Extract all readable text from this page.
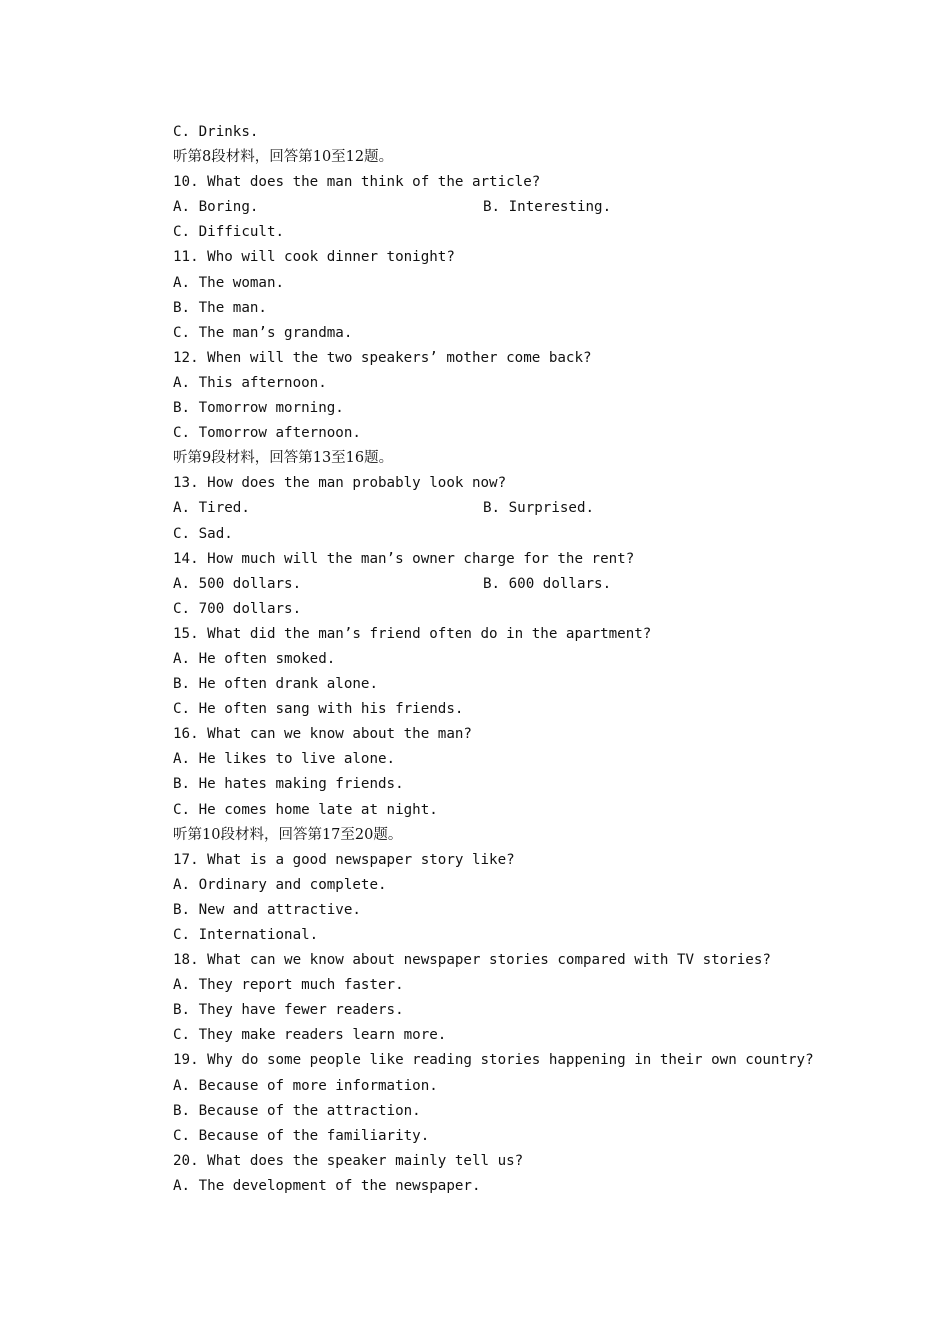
C. Drinks.
听第8段材料，回答第10至12题。
10. What does the man think of the article?
A. Boring.	B. Interesting.
C. Difficult.
11. Who will cook dinner tonight?
A. The woman.
B. The man.
C. The man’s grandma.
12. When will the two speakers’ mother come back?
A. This afternoon.
B. Tomorrow morning.
C. Tomorrow afternoon.
听第9段材料，回答第13至16题。
13. How does the man probably look now?
A. Tired.	B. Surprised.
C. Sad.
14. How much will the man’s owner charge for the rent?
A. 500 dollars.	B. 600 dollars.
C. 700 dollars.
15. What did the man’s friend often do in the apartment?
A. He often smoked.
B. He often drank alone.
C. He often sang with his friends.
16. What can we know about the man?
A. He likes to live alone.
B. He hates making friends.
C. He comes home late at night.
听第10段材料，回答第17至20题。
17. What is a good newspaper story like?
A. Ordinary and complete.
B. New and attractive.
C. International.
18. What can we know about newspaper stories compared with TV stories?
A. They report much faster.
B. They have fewer readers.
C. They make readers learn more.
19. Why do some people like reading stories happening in their own country?
A. Because of more information.
B. Because of the attraction.
C. Because of the familiarity.
20. What does the speaker mainly tell us?
A. The development of the newspaper.
